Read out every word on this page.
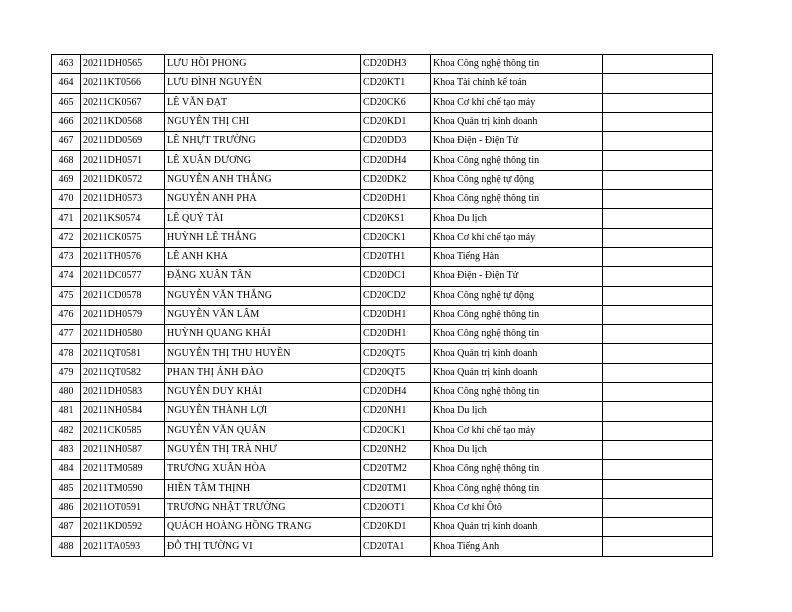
463	20211DH0565	LƯU HỒI PHONG	CD20DH3	Khoa Công nghệ thông tin	
464	20211KT0566	LƯU ĐÌNH NGUYÊN	CD20KT1	Khoa Tài chính kế toán	
465	20211CK0567	LÊ VĂN ĐẠT	CD20CK6	Khoa Cơ khí chế tạo máy	
466	20211KD0568	NGUYỄN THỊ CHI	CD20KD1	Khoa Quản trị kinh doanh	
467	20211DD0569	LÊ NHỰT TRƯỜNG	CD20DD3	Khoa Điện - Điện Tử	
468	20211DH0571	LÊ XUÂN DƯƠNG	CD20DH4	Khoa Công nghệ thông tin	
469	20211DK0572	NGUYỄN ANH THẮNG	CD20DK2	Khoa Công nghệ tự động	
470	20211DH0573	NGUYỄN ANH PHA	CD20DH1	Khoa Công nghệ thông tin	
471	20211KS0574	LÊ QUÝ TÀI	CD20KS1	Khoa Du lịch	
472	20211CK0575	HUỲNH LÊ THẮNG	CD20CK1	Khoa Cơ khí chế tạo máy	
473	20211TH0576	LÊ ANH KHA	CD20TH1	Khoa Tiếng Hàn	
474	20211DC0577	ĐẶNG XUÂN TÂN	CD20DC1	Khoa Điện - Điện Tử	
475	20211CD0578	NGUYỄN VĂN THẮNG	CD20CD2	Khoa Công nghệ tự động	
476	20211DH0579	NGUYỄN VĂN LÂM	CD20DH1	Khoa Công nghệ thông tin	
477	20211DH0580	HUỲNH QUANG KHẢI	CD20DH1	Khoa Công nghệ thông tin	
478	20211QT0581	NGUYỄN THỊ THU HUYỀN	CD20QT5	Khoa Quản trị kinh doanh	
479	20211QT0582	PHAN THỊ ÁNH ĐÀO	CD20QT5	Khoa Quản trị kinh doanh	
480	20211DH0583	NGUYỄN DUY KHẢI	CD20DH4	Khoa Công nghệ thông tin	
481	20211NH0584	NGUYỄN THÀNH LỢI	CD20NH1	Khoa Du lịch	
482	20211CK0585	NGUYỄN VĂN QUÂN	CD20CK1	Khoa Cơ khí chế tạo máy	
483	20211NH0587	NGUYỄN THỊ TRÀ NHƯ	CD20NH2	Khoa Du lịch	
484	20211TM0589	TRƯƠNG XUÂN HÒA	CD20TM2	Khoa Công nghệ thông tin	
485	20211TM0590	HIỀN TÂM THỊNH	CD20TM1	Khoa Công nghệ thông tin	
486	20211OT0591	TRƯƠNG NHẬT TRƯỜNG	CD20OT1	Khoa Cơ khí Ôtô	
487	20211KD0592	QUÁCH HOÀNG HỒNG TRANG	CD20KD1	Khoa Quản trị kinh doanh	
488	20211TA0593	ĐỖ THỊ TƯỜNG VI	CD20TA1	Khoa Tiếng Anh	
